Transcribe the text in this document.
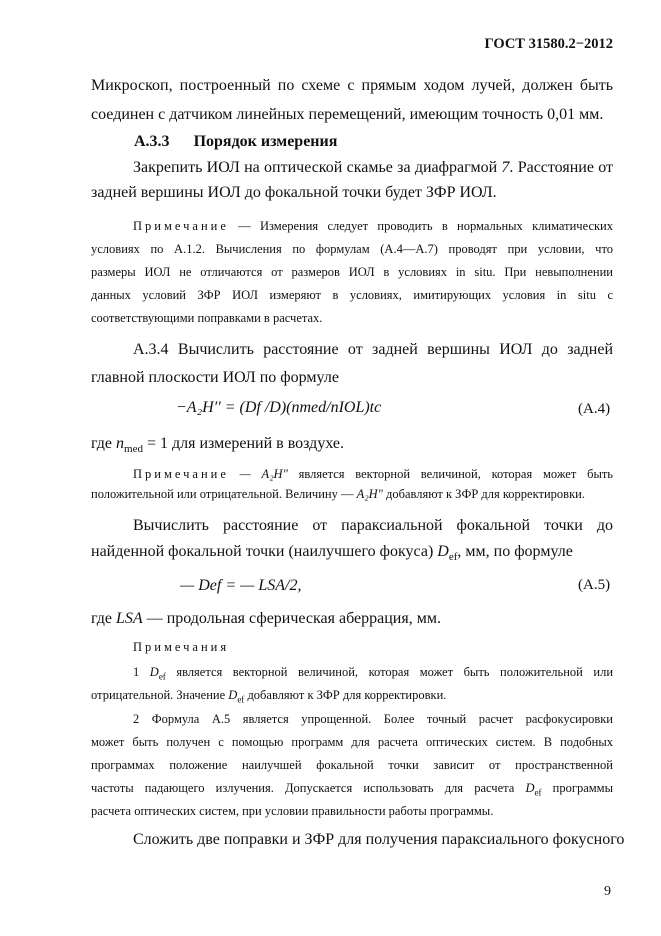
ГОСТ 31580.2−2012
Микроскоп, построенный по схеме с прямым ходом лучей, должен быть
соединен с датчиком линейных перемещений, имеющим точность 0,01 мм.
А.3.3 Порядок измерения
Закрепить ИОЛ на оптической скамье за диафрагмой 7. Расстояние от
задней вершины ИОЛ до фокальной точки будет ЗФР ИОЛ.
Примечание — Измерения следует проводить в нормальных климатических
условиях по А.1.2. Вычисления по формулам (А.4—А.7) проводят при условии, что
размеры ИОЛ не отличаются от размеров ИОЛ в условиях in situ. При невыполнении
данных условий ЗФР ИОЛ измеряют в условиях, имитирующих условия in situ с
соответствующими поправками в расчетах.
А.3.4 Вычислить расстояние от задней вершины ИОЛ до задней
главной плоскости ИОЛ по формуле
−A₂H′′ = (Df /D)(nmed/nIOL)tc	(А.4)
где $n_{med} = 1$ для измерений в воздухе.
Примечание — A₂H" является векторной величиной, которая может быть
положительной или отрицательной. Величину — A₂H" добавляют к ЗФР для корректировки.
Вычислить расстояние от параксиальной фокальной точки до
найденной фокальной точки (наилучшего фокуса) $D_{ef}$, мм, по формуле
— Def = — LSA/2,	(А.5)
где LSA — продольная сферическая аберрация, мм.
Примечания
1 $D_{ef}$ является векторной величиной, которая может быть положительной или
отрицательной. Значение $D_{ef}$ добавляют к ЗФР для корректировки.
2 Формула А.5 является упрощенной. Более точный расчет расфокусировки
может быть получен с помощью программ для расчета оптических систем. В подобных
программах положение наилучшей фокальной точки зависит от пространственной
частоты падающего излучения. Допускается использовать для расчета $D_{ef}$ программы
расчета оптических систем, при условии правильности работы программы.
Сложить две поправки и ЗФР для получения параксиального фокусного
9
